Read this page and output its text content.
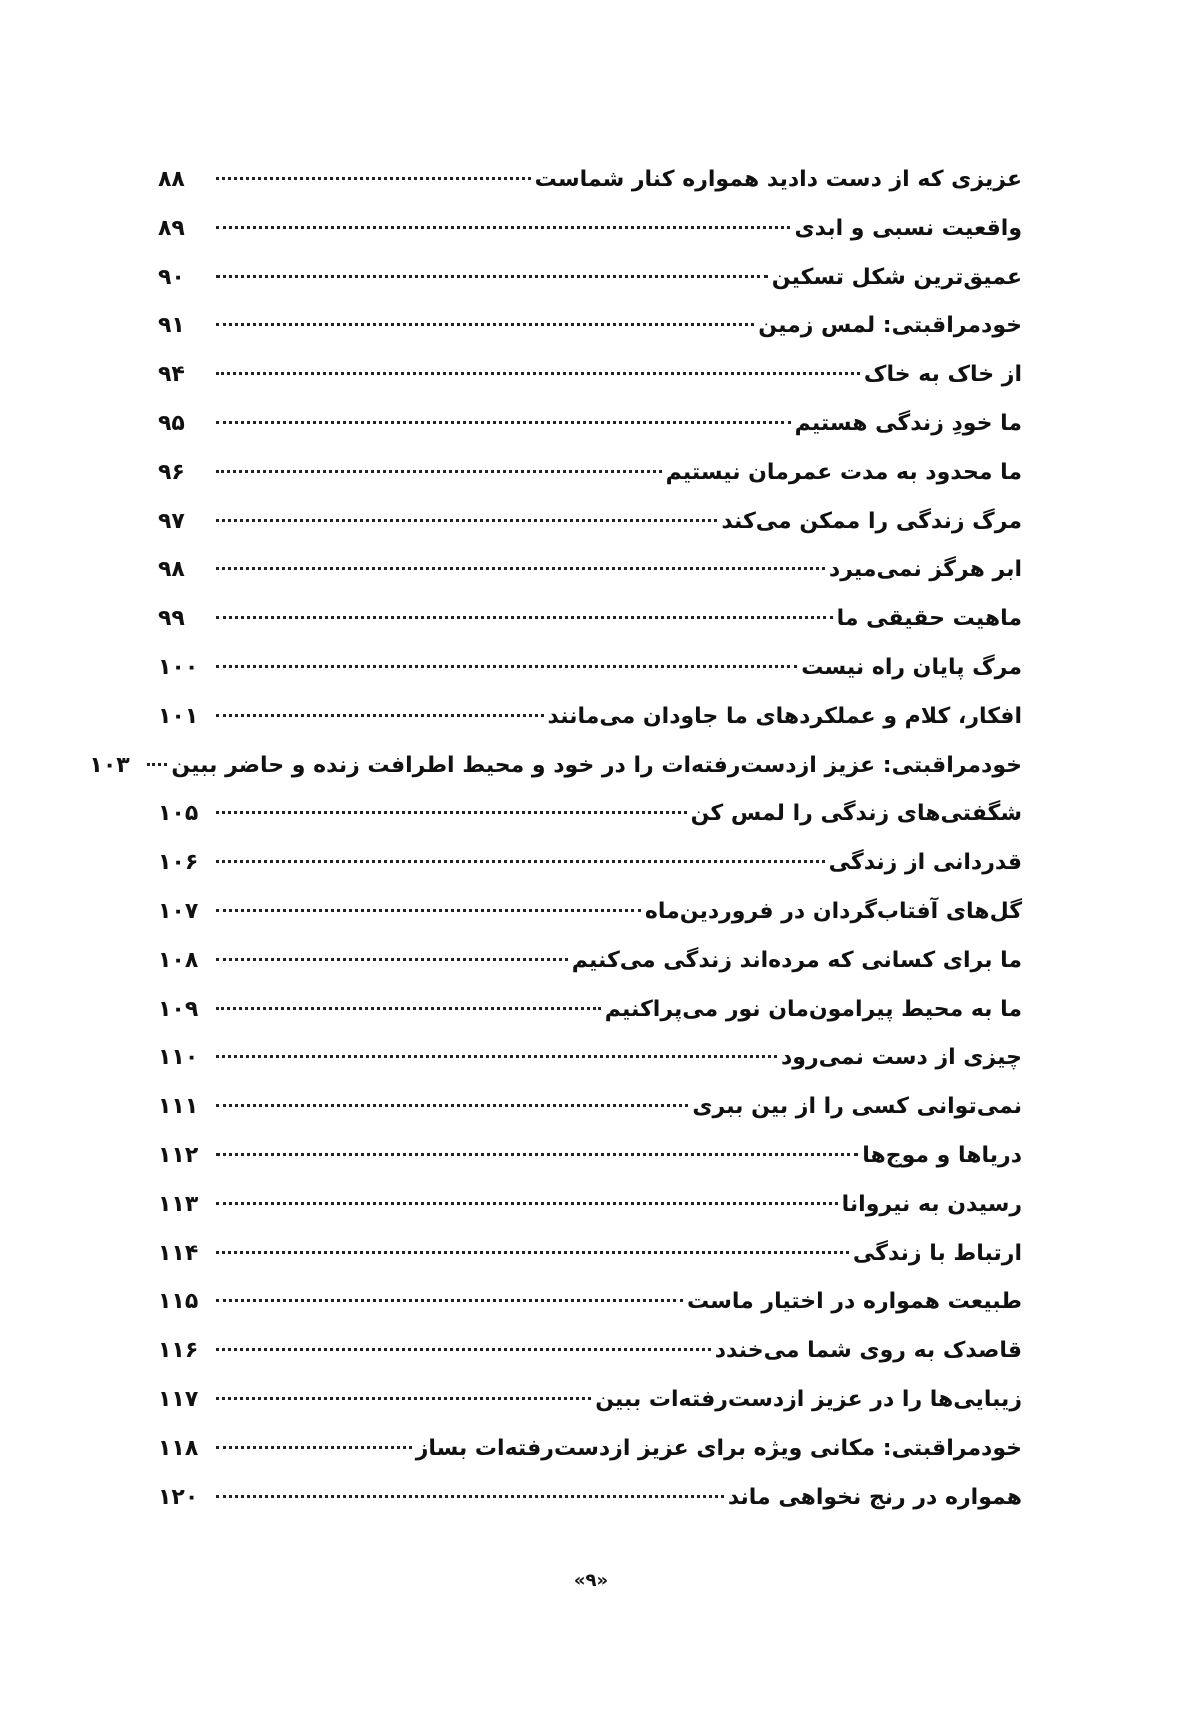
عزیزی که از دست دادید همواره کنار شماست
۸۸
واقعیت نسبی و ابدی
۸۹
عمیق‌ترین شکل تسکین
۹۰
خودمراقبتی: لمس زمین
۹۱
از خاک به خاک
۹۴
ما خودِ زندگی هستیم
۹۵
ما محدود به مدت عمرمان نیستیم
۹۶
مرگ زندگی را ممکن می‌کند
۹۷
ابر هرگز نمی‌میرد
۹۸
ماهیت حقیقی ما
۹۹
مرگ پایان راه نیست
۱۰۰
افکار، کلام و عملکردهای ما جاودان می‌مانند
۱۰۱
خودمراقبتی: عزیز ازدست‌رفته‌ات را در خود و محیط اطرافت زنده و حاضر ببین
۱۰۳
شگفتی‌های زندگی را لمس کن
۱۰۵
قدردانی از زندگی
۱۰۶
گل‌های آفتاب‌گردان در فروردین‌ماه
۱۰۷
ما برای کسانی که مرده‌اند زندگی می‌کنیم
۱۰۸
ما به محیط پیرامون‌مان نور می‌پراکنیم
۱۰۹
چیزی از دست نمی‌رود
۱۱۰
نمی‌توانی کسی را از بین ببری
۱۱۱
دریاها و موج‌ها
۱۱۲
رسیدن به نیروانا
۱۱۳
ارتباط با زندگی
۱۱۴
طبیعت همواره در اختیار ماست
۱۱۵
قاصدک به روی شما می‌خندد
۱۱۶
زیبایی‌ها را در عزیز ازدست‌رفته‌ات ببین
۱۱۷
خودمراقبتی: مکانی ویژه برای عزیز ازدست‌رفته‌ات بساز
۱۱۸
همواره در رنج نخواهی ماند
۱۲۰
«۹»
